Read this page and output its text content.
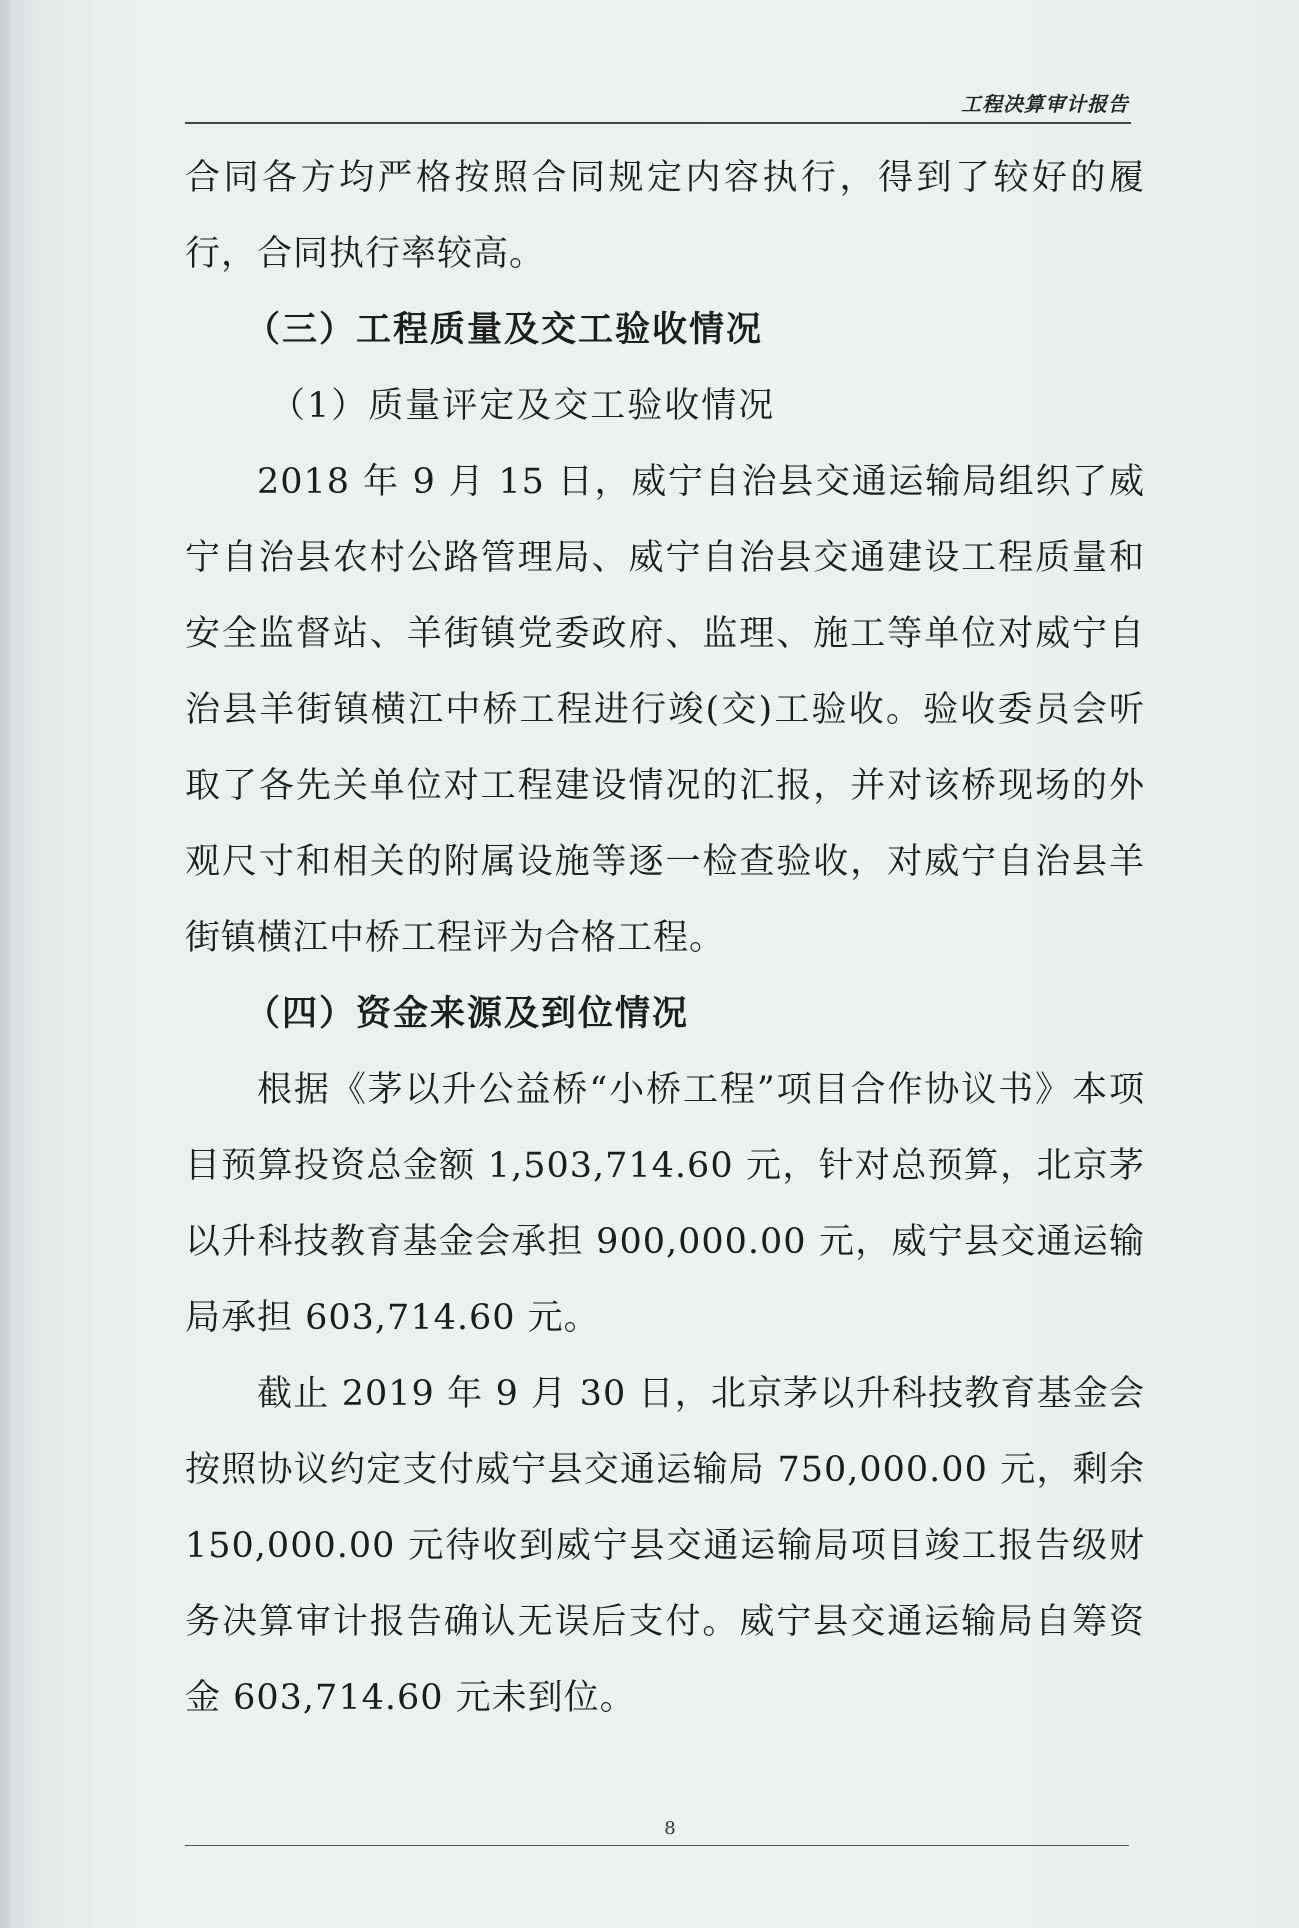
工程决算审计报告

合同各方均严格按照合同规定内容执行，得到了较好的履行，合同执行率较高。

（三）工程质量及交工验收情况

（1）质量评定及交工验收情况

2018 年 9 月 15 日，威宁自治县交通运输局组织了威宁自治县农村公路管理局、威宁自治县交通建设工程质量和安全监督站、羊街镇党委政府、监理、施工等单位对威宁自治县羊街镇横江中桥工程进行竣(交)工验收。验收委员会听取了各先关单位对工程建设情况的汇报，并对该桥现场的外观尺寸和相关的附属设施等逐一检查验收，对威宁自治县羊街镇横江中桥工程评为合格工程。

（四）资金来源及到位情况

根据《茅以升公益桥“小桥工程”项目合作协议书》本项目预算投资总金额 1,503,714.60 元，针对总预算，北京茅以升科技教育基金会承担 900,000.00 元，威宁县交通运输局承担 603,714.60 元。

截止 2019 年 9 月 30 日，北京茅以升科技教育基金会按照协议约定支付威宁县交通运输局 750,000.00 元，剩余 150,000.00 元待收到威宁县交通运输局项目竣工报告级财务决算审计报告确认无误后支付。威宁县交通运输局自筹资金 603,714.60 元未到位。

8
